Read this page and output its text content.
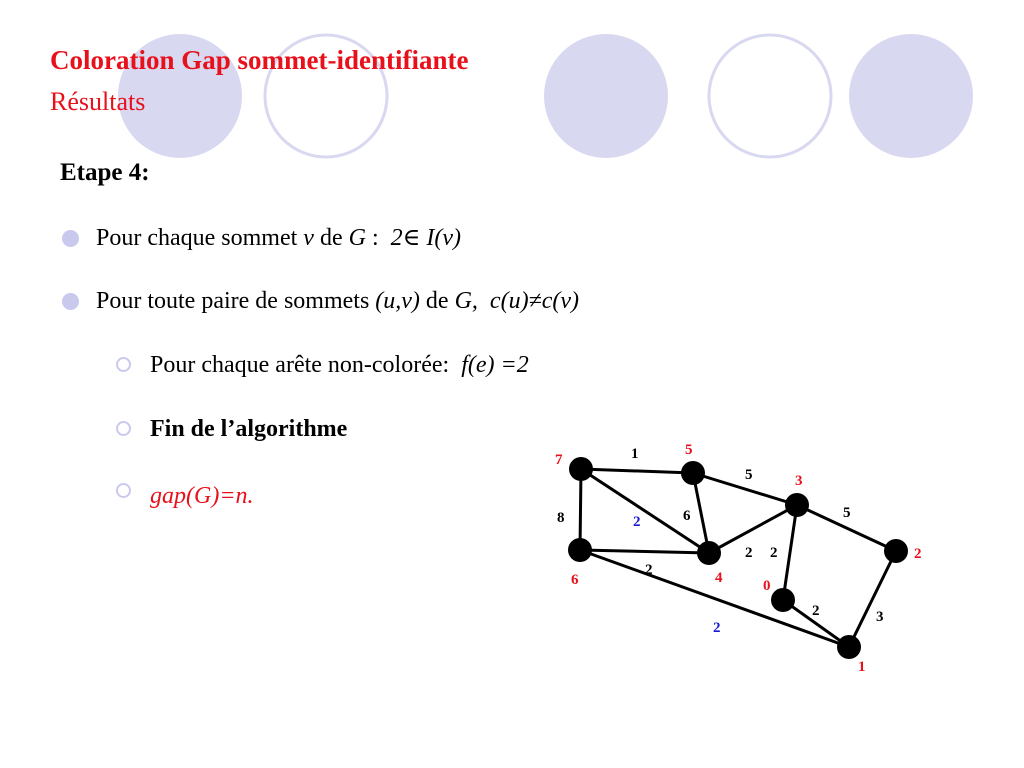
Coloration Gap sommet-identifiante
Résultats
Etape 4:
Pour chaque sommet v de G :  2∈ I(v)
Pour toute paire de sommets (u,v) de G, c(u)≠c(v)
Pour chaque arête non-colorée:  f(e) =2
Fin de l’algorithme
gap(G)=n.
7
5
3
2
6	4	0
1
1
8
5
6	5
2 2
2
2	3
2
2
